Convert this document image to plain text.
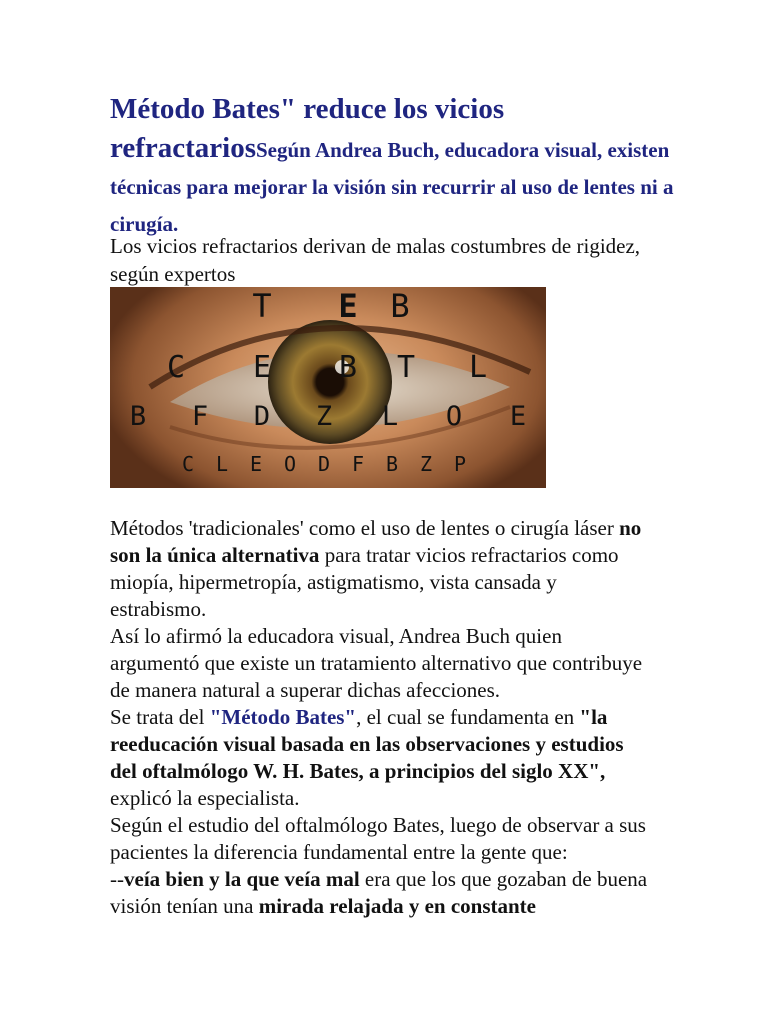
Método Bates" reduce los vicios
refractariosSegún Andrea Buch, educadora visual, existen técnicas para mejorar la visión sin recurrir al uso de lentes ni a cirugía.

Los vicios refractarios derivan de malas costumbres de rigidez, según expertos

T E B
C E B T L
B F D Z L O E
C L E O D F B Z P

Métodos 'tradicionales' como el uso de lentes o cirugía láser no son la única alternativa para tratar vicios refractarios como miopía, hipermetropía, astigmatismo, vista cansada y estrabismo.

Así lo afirmó la educadora visual, Andrea Buch quien argumentó que existe un tratamiento alternativo que contribuye de manera natural a superar dichas afecciones.

Se trata del "Método Bates", el cual se fundamenta en "la reeducación visual basada en las observaciones y estudios del oftalmólogo W. H. Bates, a principios del siglo XX", explicó la especialista.

Según el estudio del oftalmólogo Bates, luego de observar a sus pacientes la diferencia fundamental entre la gente que:

--veía bien y la que veía mal era que los que gozaban de buena visión tenían una mirada relajada y en constante
